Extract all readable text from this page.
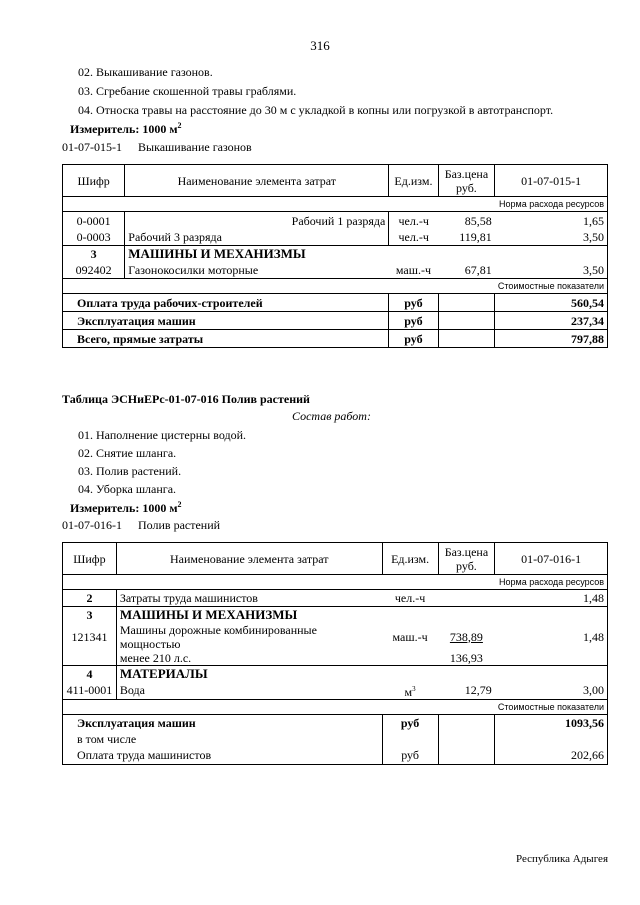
316
02. Выкашивание газонов.
03. Сгребание скошенной травы граблями.
04. Относка травы на расстояние до 30 м с укладкой в копны или погрузкой в автотранспорт.
Измеритель: 1000 $м^2$
01-07-015-1 Выкашивание газонов
Шифр	Наименование элемента затрат	Ед.изм.	Баз.цена руб.	01-07-015-1
				Норма расхода ресурсов
0-0001	Рабочий 1 разряда	чел.-ч	85,58	1,65
0-0003	Рабочий 3 разряда	чел.-ч	119,81	3,50
3	МАШИНЫ И МЕХАНИЗМЫ			
092402	Газонокосилки моторные	маш.-ч	67,81	3,50
				Стоимостные показатели
Оплата труда рабочих-строителей		руб		560,54
Эксплуатация машин		руб		237,34
Всего, прямые затраты		руб		797,88
Таблица ЭСНиЕРс-01-07-016 Полив растений
Состав работ:
01. Наполнение цистерны водой.
02. Снятие шланга.
03. Полив растений.
04. Уборка шланга.
Измеритель: 1000 $м^2$
01-07-016-1 Полив растений
Шифр	Наименование элемента затрат	Ед.изм.	Баз.цена руб.	01-07-016-1
				Норма расхода ресурсов
2	Затраты труда машинистов	чел.-ч		1,48
3	МАШИНЫ И МЕХАНИЗМЫ			
121341	Машины дорожные комбинированные мощностью	маш.-ч	738,89	1,48
	менее 210 л.с.		136,93	
4	МАТЕРИАЛЫ			
411-0001	Вода	$м^3$	12,79	3,00
				Стоимостные показатели
Эксплуатация машин		руб		1093,56
в том числе				
Оплата труда машинистов		руб		202,66
Республика Адыгея
